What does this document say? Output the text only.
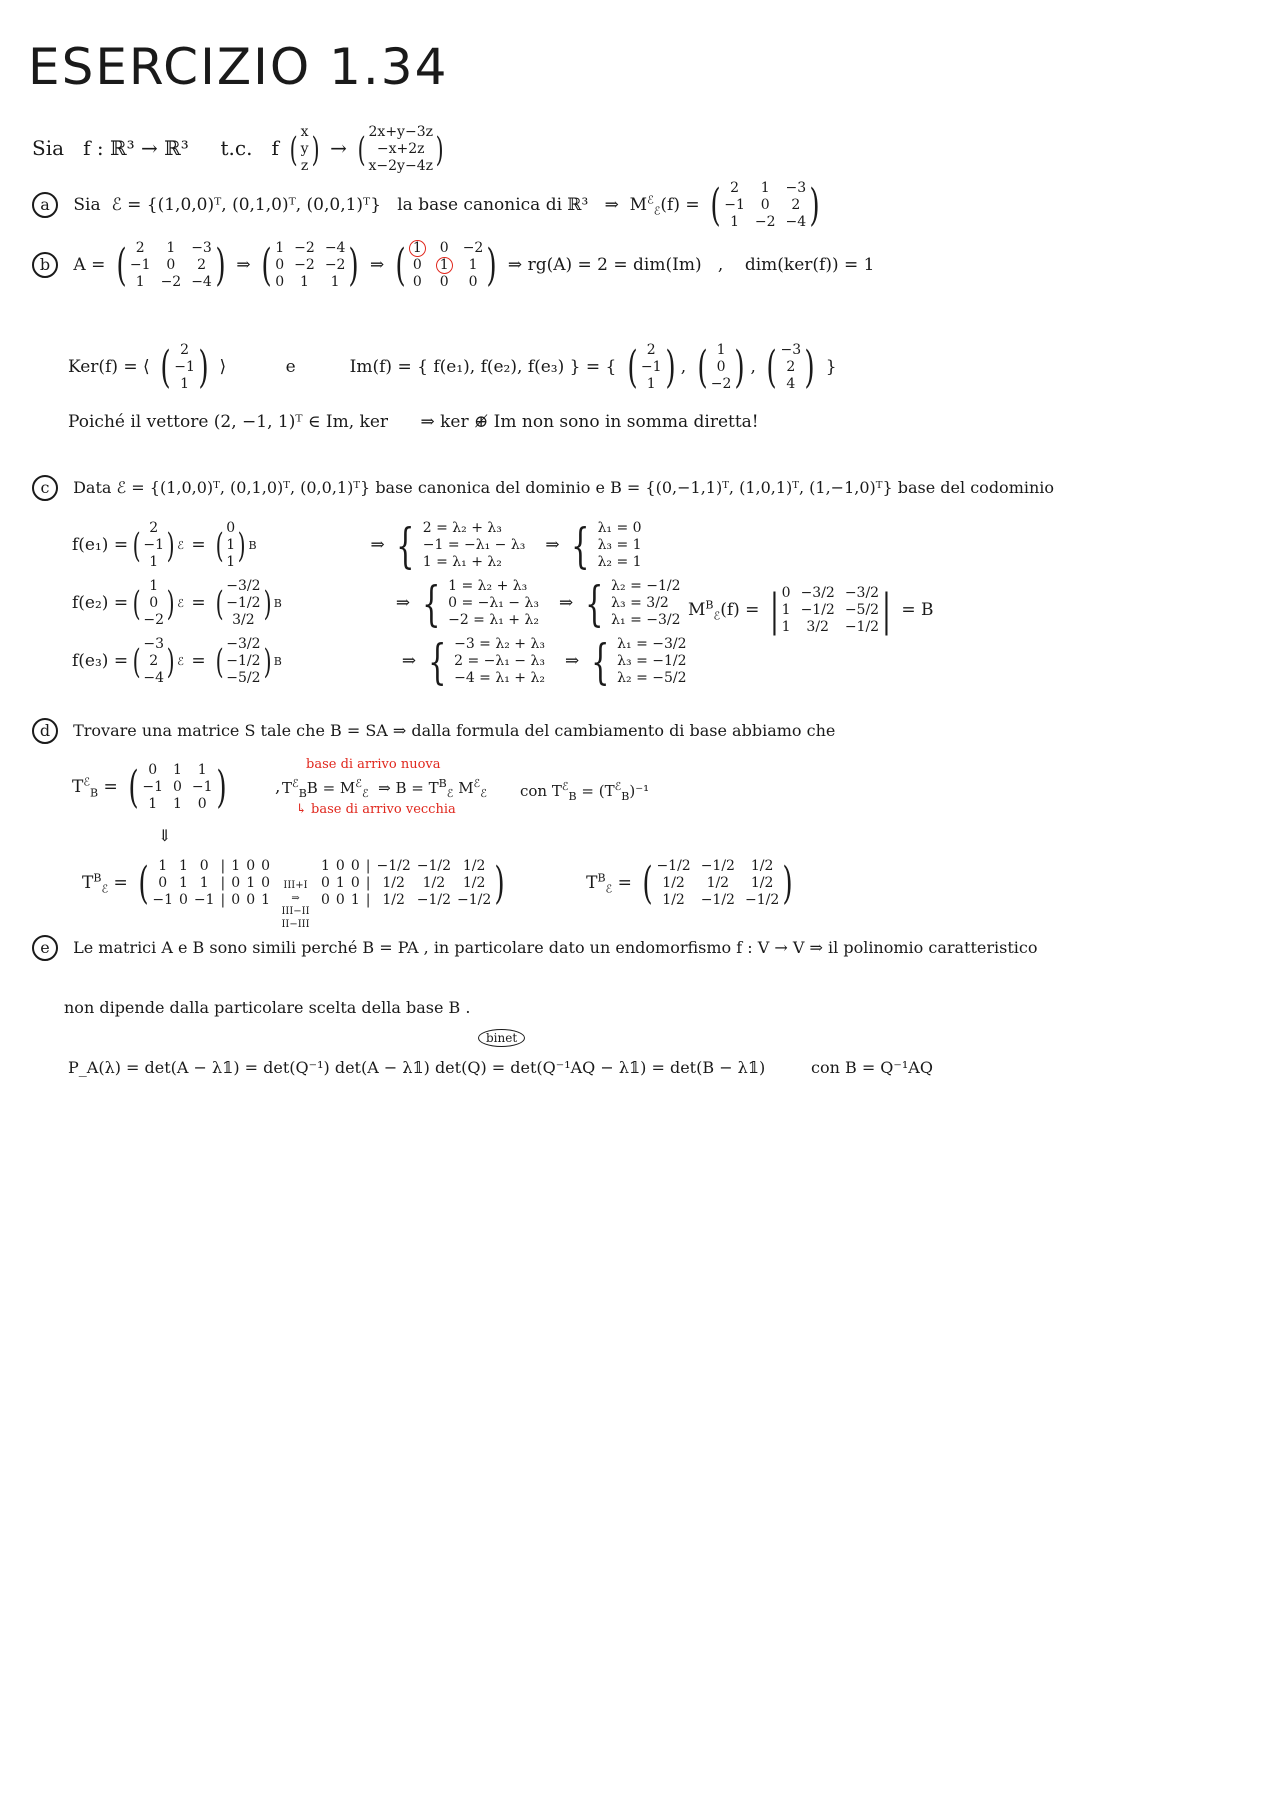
ESERCIZIO 1.34
Sia f : ℝ³ → ℝ³ t.c. f ( x
y
z ) → ( 2x+y−3z
−x+2z
x−2y−4z )
a Sia ℰ = {(1,0,0)ᵀ, (0,1,0)ᵀ, (0,0,1)ᵀ} la base canonica di ℝ³ ⇒ $M^ℰ_ℰ(f)$ = ( 2	1	−3
−1	0	2
1	−2 −4 )
b A = ( 2	1	−3
−1	0	2
1	−2 −4 ) ⇒ ( 1 −2 −4
0 −2 −2
0	1	1 ) ⇒ ( 1 0 −2
0 1	1
0 0	0 ) ⇒ rg(A) = 2 = dim(Im) , dim(ker(f)) = 1
Ker(f) = ⟨ ( 2
−1
1 ) ⟩	e	Im(f) = { f(e₁), f(e₂), f(e₃) } = { ( 2
−1
1 ) , ( 1
0
−2 ) , ( −3
2
4 ) }
Poiché il vettore (2, −1, 1)ᵀ ∈ Im, ker ⇒ ker ⊕̸ Im non sono in somma diretta!
c Data ℰ = {(1,0,0)ᵀ, (0,1,0)ᵀ, (0,0,1)ᵀ} base canonica del dominio e B = {(0,−1,1)ᵀ, (1,0,1)ᵀ, (1,−1,0)ᵀ} base del codominio
f(e₁) = ( 2
−1
1 ) ℰ = ( 0
1
1 ) B	⇒ { 2 = λ₂ + λ₃
−1 = −λ₁ − λ₃
1 = λ₁ + λ₂
⇒ { λ₁ = 0
λ₃ = 1
λ₂ = 1
f(e₂) = ( 1
0
−2 ) ℰ = ( −3/2
−1/2
3/2 ) B	⇒ { 1 = λ₂ + λ₃
0 = −λ₁ − λ₃
−2 = λ₁ + λ₂
⇒ { λ₂ = −1/2
λ₃ = 3/2
λ₁ = −3/2
f(e₃) = ( −3
2
−4 ) ℰ = ( −3/2
−1/2
−5/2 ) B	⇒ { −3 = λ₂ + λ₃
2 = −λ₁ − λ₃
−4 = λ₁ + λ₂
⇒ { λ₁ = −3/2
λ₃ = −1/2
λ₂ = −5/2
$M^B_ℰ(f)$ = | 0 −3/2 −3/2
1 −1/2 −5/2
1	3/2	−1/2 | = B
d Trovare una matrice S tale che B = SA ⇒ dalla formula del cambiamento di base abbiamo che
$T^ℰ_B$ = ( 0	1	1
−1 0 −1
1	1	0 )	,
base di arrivo nuova
$T^ℰ_BB = M^ℰ_ℰ$ ⇒ $B = T^B_ℰ$ $M^ℰ_ℰ$
↳ base di arrivo vecchia
con $T^ℰ_B = (T^ℰ_B)^{-1}$
⇓
$T^B_ℰ$ = ( 1 1 0 | 1 0 0
0 1 1 | 0 1 0
−1 0 −1 | 0 0 1

III+I
⇒
III−II
II−III

1 0 0 | −1/2 −1/2 1/2
0 1 0 | 1/2	1/2	1/2
0 0 1 | 1/2 −1/2 −1/2 )	$T^B_ℰ$ = ( −1/2 −1/2	1/2
1/2	1/2	1/2
1/2	−1/2 −1/2 )
e Le matrici A e B sono simili perché B = PA , in particolare dato un endomorfismo f : V → V ⇒ il polinomio caratteristico
non dipende dalla particolare scelta della base B .
binet
P_A(λ) = det(A − λ𝟙) = det(Q⁻¹) det(A − λ𝟙) det(Q) = det(Q⁻¹AQ − λ𝟙) = det(B − λ𝟙)	con B = Q⁻¹AQ
